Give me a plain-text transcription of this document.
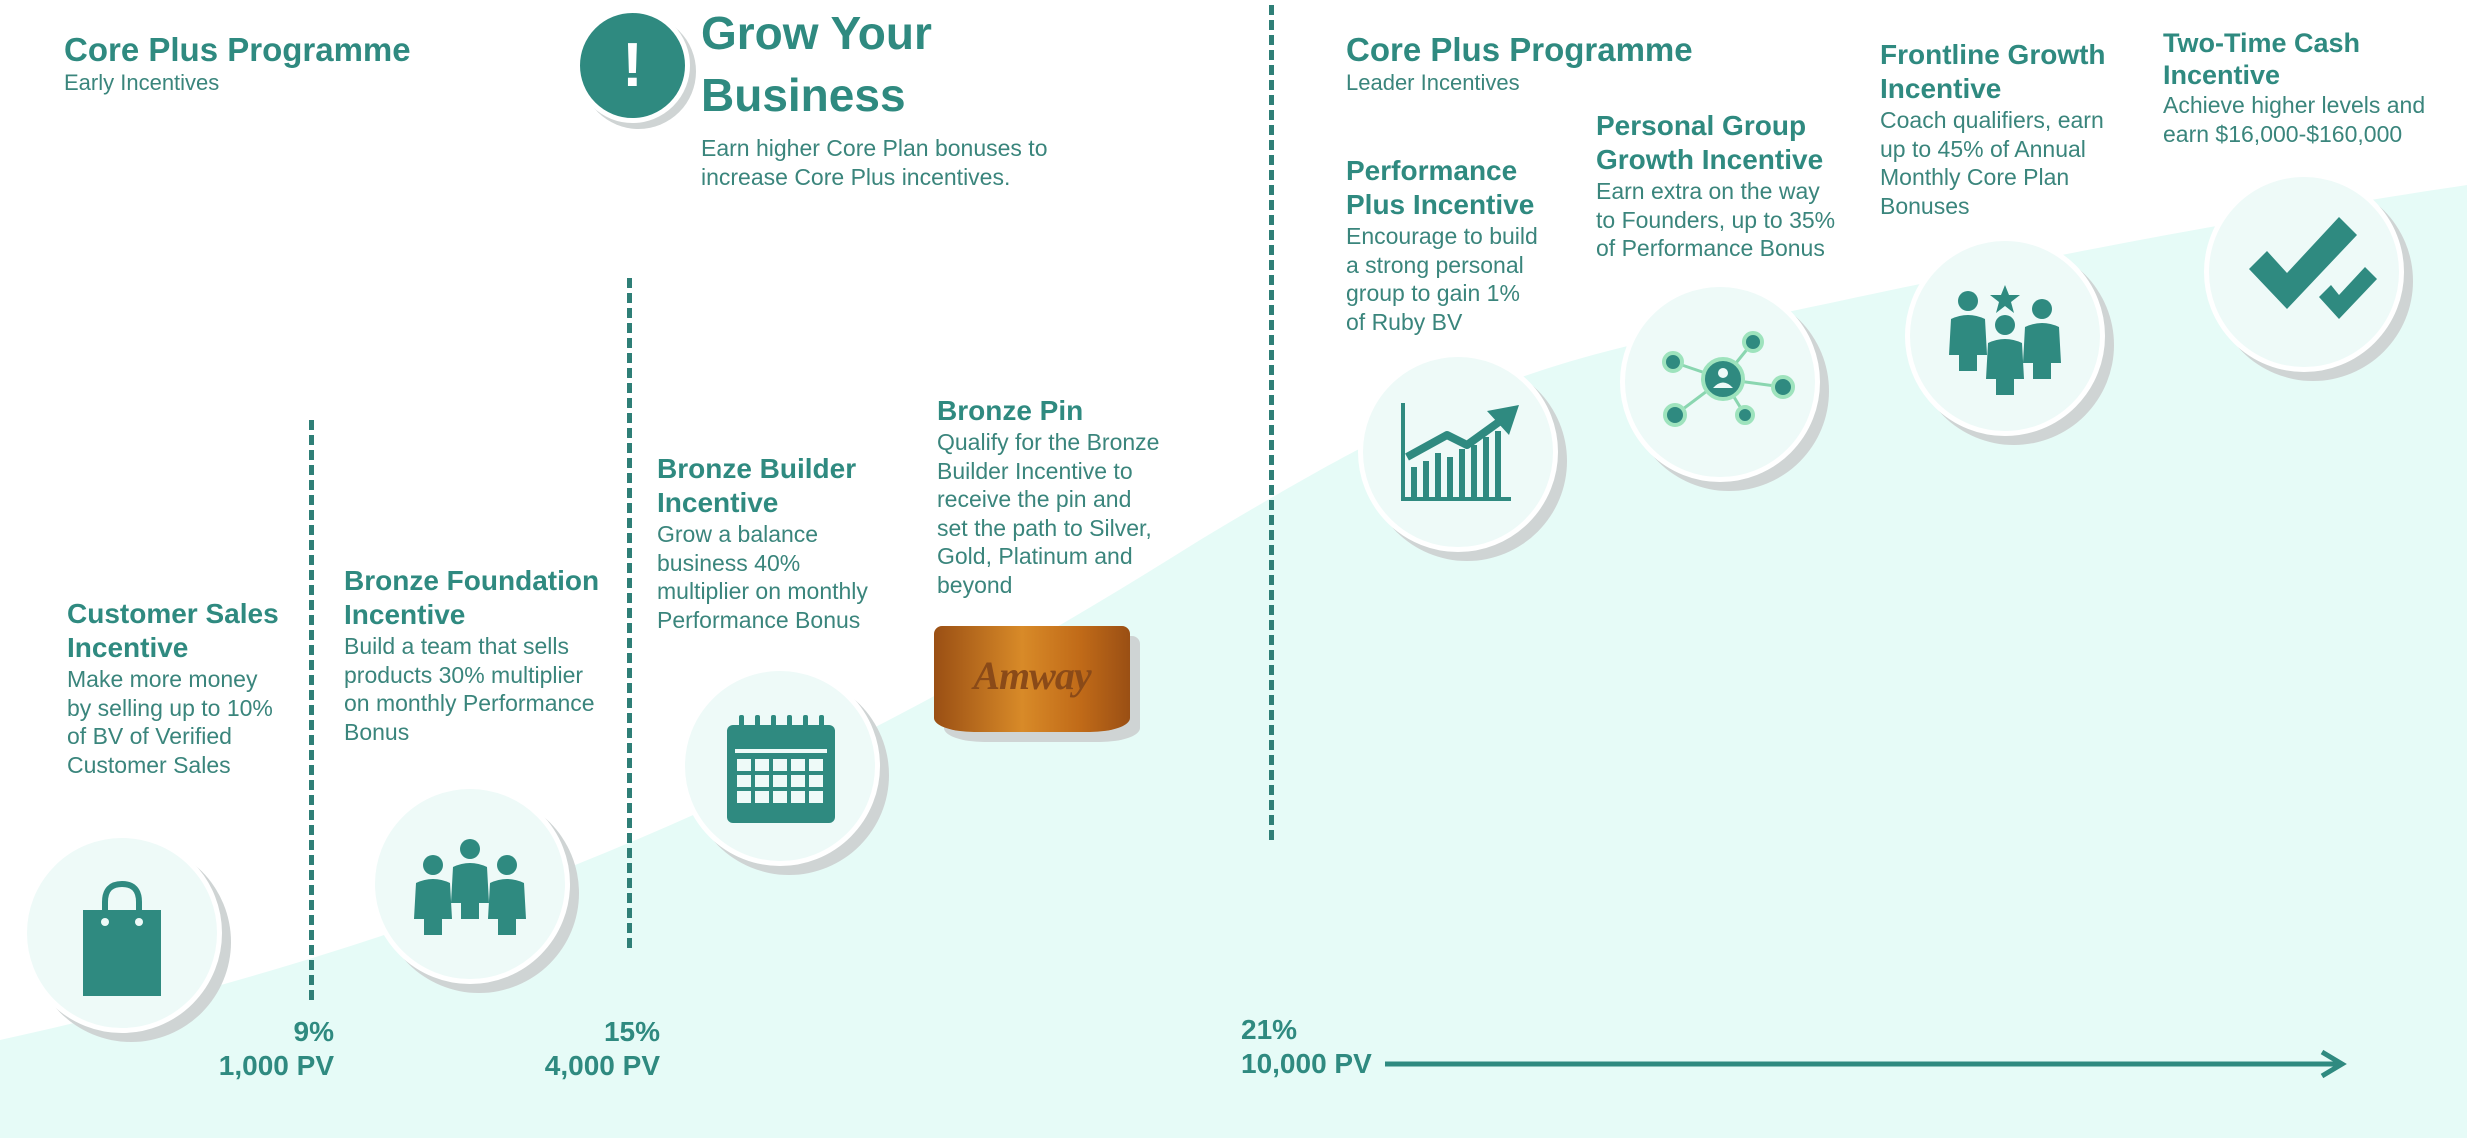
Core Plus Programme
Early Incentives	!	Grow Your
Business
Earn higher Core Plan bonuses to
increase Core Plus incentives.
Core Plus Programme
Leader Incentives
Customer Sales
Incentive
Make more money
by selling up to 10%
of BV of Verified
Customer Sales
Bronze Foundation
Incentive
Build a team that sells
products 30% multiplier
on monthly Performance
Bonus
Bronze Builder
Incentive
Grow a balance
business 40%
multiplier on monthly
Performance Bonus
Bronze Pin
Qualify for the Bronze
Builder Incentive to
receive the pin and
set the path to Silver,
Gold, Platinum and
beyond
Performance
Plus Incentive
Encourage to build
a strong personal
group to gain 1%
of Ruby BV
Personal Group
Growth Incentive
Earn extra on the way
to Founders, up to 35%
of Performance Bonus
Frontline Growth
Incentive
Coach qualifiers, earn
up to 45% of Annual
Monthly Core Plan
Bonuses
Two-Time Cash
Incentive
Achieve higher levels and
earn $16,000-$160,000
Amway
9%
1,000 PV
15%
4,000 PV
21%
10,000 PV
